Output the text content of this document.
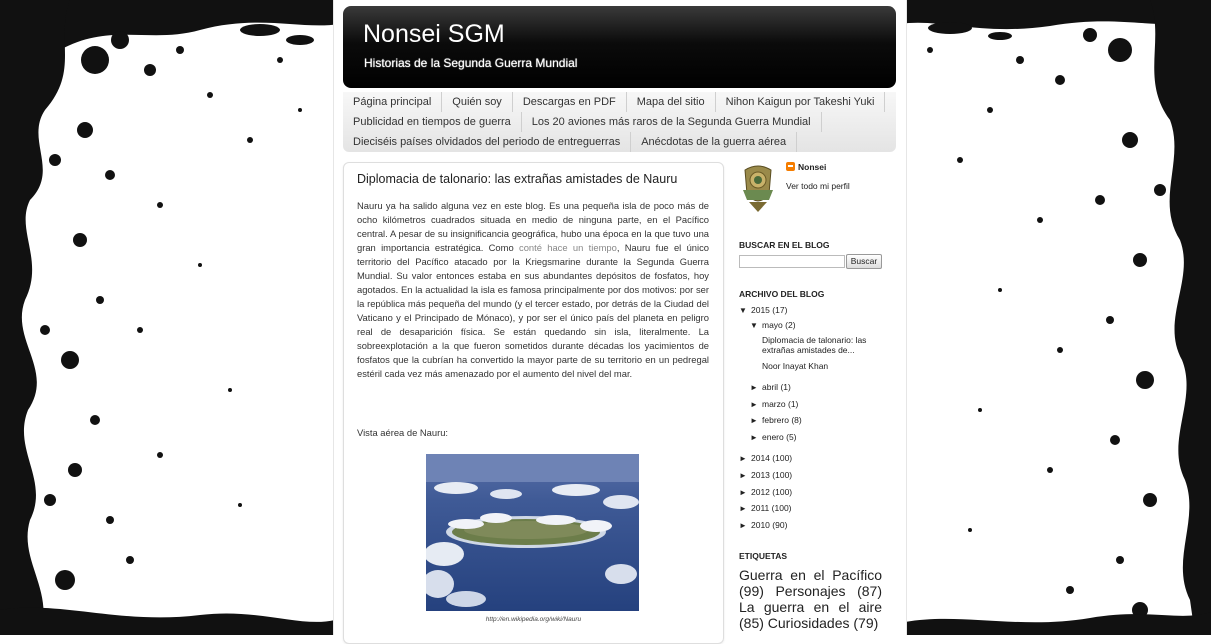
Nonsei SGM
Historias de la Segunda Guerra Mundial
Página principal	Quién soy	Descargas en PDF	Mapa del sitio	Nihon Kaigun por Takeshi Yuki
Publicidad en tiempos de guerra	Los 20 aviones más raros de la Segunda Guerra Mundial
Dieciséis países olvidados del periodo de entreguerras	Anécdotas de la guerra aérea
Diplomacia de talonario: las extrañas amistades de Nauru
Nauru ya ha salido alguna vez en este blog. Es una pequeña isla de poco más de ocho kilómetros cuadrados situada en medio de ninguna parte, en el Pacífico central. A pesar de su insignificancia geográfica, hubo una época en la que tuvo una gran importancia estratégica. Como conté hace un tiempo, Nauru fue el único territorio del Pacífico atacado por la Kriegsmarine durante la Segunda Guerra Mundial. Su valor entonces estaba en sus abundantes depósitos de fosfatos, hoy agotados. En la actualidad la isla es famosa principalmente por dos motivos: por ser la república más pequeña del mundo (y el tercer estado, por detrás de la Ciudad del Vaticano y el Principado de Mónaco), y por ser el único país del planeta en peligro real de desaparición física. Se están quedando sin isla, literalmente. La sobreexplotación a la que fueron sometidos durante décadas los yacimientos de fosfatos que la cubrían ha convertido la mayor parte de su territorio en un pedregal estéril cada vez más amenazado por el aumento del nivel del mar.
Vista aérea de Nauru:
http://en.wikipedia.org/wiki/Nauru
Nonsei
Ver todo mi perfil
BUSCAR EN EL BLOG
Buscar
ARCHIVO DEL BLOG
▼ 2015 (17)
▼ mayo (2)
Diplomacia de talonario: las extrañas amistades de...
Noor Inayat Khan
► abril (1)
► marzo (1)
► febrero (8)
► enero (5)
► 2014 (100)
► 2013 (100)
► 2012 (100)
► 2011 (100)
► 2010 (90)
ETIQUETAS
Guerra en el Pacífico (99) Personajes (87) La guerra en el aire (85) Curiosidades (79)
